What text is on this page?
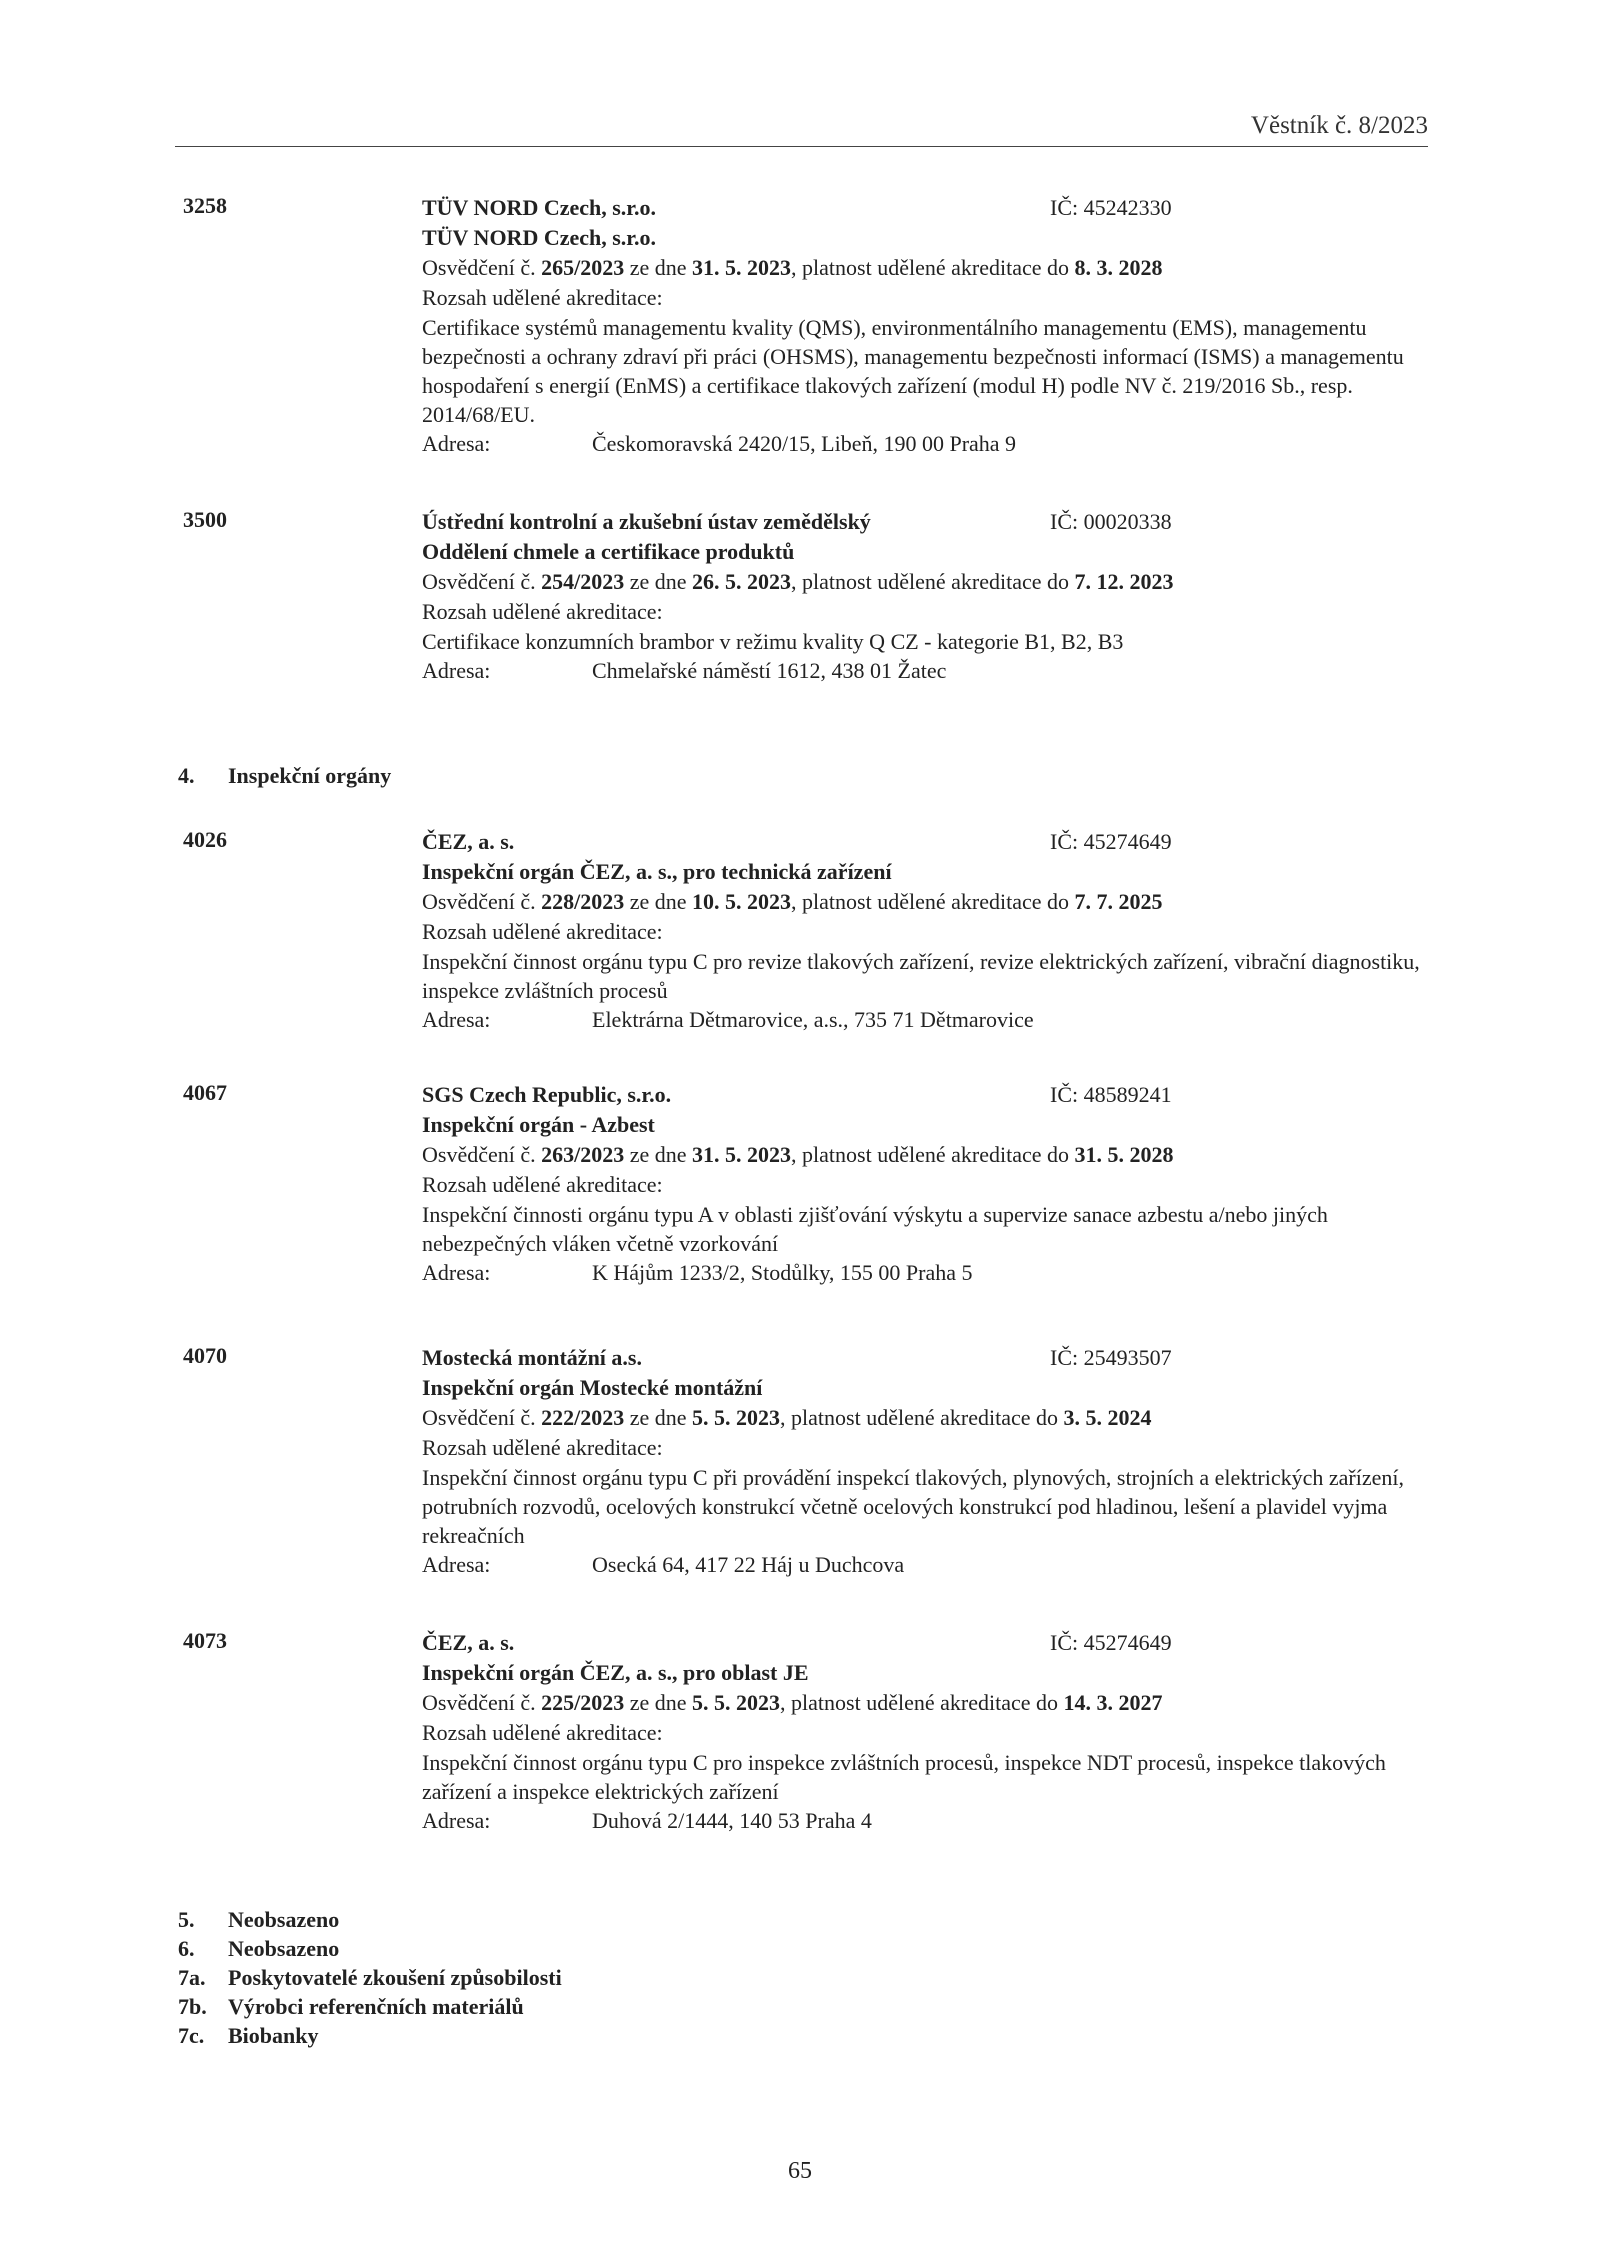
Věstník č. 8/2023
3258	TÜV NORD Czech, s.r.o.	IČ: 45242330
TÜV NORD Czech, s.r.o.
Osvědčení č. 265/2023 ze dne 31. 5. 2023, platnost udělené akreditace do 8. 3. 2028
Rozsah udělené akreditace:
Certifikace systémů managementu kvality (QMS), environmentálního managementu (EMS), managementu bezpečnosti a ochrany zdraví při práci (OHSMS), managementu bezpečnosti informací (ISMS) a managementu hospodaření s energií (EnMS) a certifikace tlakových zařízení (modul H) podle NV č. 219/2016 Sb., resp. 2014/68/EU.
Adresa:	Českomoravská 2420/15, Libeň, 190 00 Praha 9
3500	Ústřední kontrolní a zkušební ústav zemědělský	IČ: 00020338
Oddělení chmele a certifikace produktů
Osvědčení č. 254/2023 ze dne 26. 5. 2023, platnost udělené akreditace do 7. 12. 2023
Rozsah udělené akreditace:
Certifikace konzumních brambor v režimu kvality Q CZ - kategorie B1, B2, B3
Adresa:	Chmelařské náměstí 1612, 438 01 Žatec
4. Inspekční orgány
4026	ČEZ, a. s.	IČ: 45274649
Inspekční orgán ČEZ, a. s., pro technická zařízení
Osvědčení č. 228/2023 ze dne 10. 5. 2023, platnost udělené akreditace do 7. 7. 2025
Rozsah udělené akreditace:
Inspekční činnost orgánu typu C pro revize tlakových zařízení, revize elektrických zařízení, vibrační diagnostiku, inspekce zvláštních procesů
Adresa:	Elektrárna Dětmarovice, a.s., 735 71 Dětmarovice
4067	SGS Czech Republic, s.r.o.	IČ: 48589241
Inspekční orgán - Azbest
Osvědčení č. 263/2023 ze dne 31. 5. 2023, platnost udělené akreditace do 31. 5. 2028
Rozsah udělené akreditace:
Inspekční činnosti orgánu typu A v oblasti zjišťování výskytu a supervize sanace azbestu a/nebo jiných nebezpečných vláken včetně vzorkování
Adresa:	K Hájům 1233/2, Stodůlky, 155 00 Praha 5
4070	Mostecká montážní a.s.	IČ: 25493507
Inspekční orgán Mostecké montážní
Osvědčení č. 222/2023 ze dne 5. 5. 2023, platnost udělené akreditace do 3. 5. 2024
Rozsah udělené akreditace:
Inspekční činnost orgánu typu C při provádění inspekcí tlakových, plynových, strojních a elektrických zařízení, potrubních rozvodů, ocelových konstrukcí včetně ocelových konstrukcí pod hladinou, lešení a plavidel vyjma rekreačních
Adresa:	Osecká 64, 417 22 Háj u Duchcova
4073	ČEZ, a. s.	IČ: 45274649
Inspekční orgán ČEZ, a. s., pro oblast JE
Osvědčení č. 225/2023 ze dne 5. 5. 2023, platnost udělené akreditace do 14. 3. 2027
Rozsah udělené akreditace:
Inspekční činnost orgánu typu C pro inspekce zvláštních procesů, inspekce NDT procesů, inspekce tlakových zařízení a inspekce elektrických zařízení
Adresa:	Duhová 2/1444, 140 53 Praha 4
5. Neobsazeno
6. Neobsazeno
7a. Poskytovatelé zkoušení způsobilosti
7b. Výrobci referenčních materiálů
7c. Biobanky
65
